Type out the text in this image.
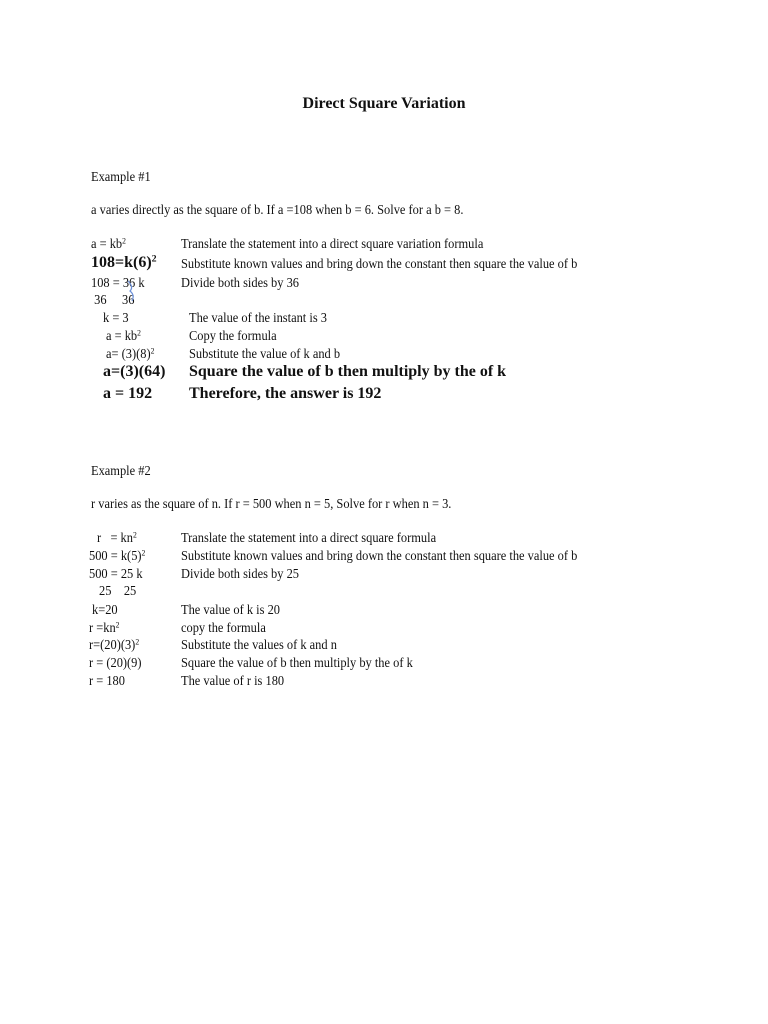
Direct Square Variation
Example #1
a varies directly as the square of b. If a =108 when b = 6. Solve for a b = 8.
$a = kb^2$	Translate the statement into a direct square variation formula
$108=k(6)^2$ Substitute known values and bring down the constant then square the value of b
108 = 36 k	Divide both sides by 36
36     36
k = 3	The value of the instant is 3
$a = kb^2$	Copy the formula
$a= (3)(8)^2$	Substitute the value of k and b
a=(3)(64) Square the value of b then multiply by the of k
a = 192 Therefore, the answer is 192
Example #2
r varies as the square of n. If r = 500 when n = 5, Solve for r when n = 3.
$r = kn^2$	Translate the statement into a direct square formula
$500 = k(5)^2$	Substitute known values and bring down the constant then square the value of b
500 = 25 k	Divide both sides by 25
25    25
k=20	The value of k is 20
$r =kn^2$	copy the formula
$r=(20)(3)^2$	Substitute the values of k and n
r = (20)(9)	Square the value of b then multiply by the of k
r = 180	The value of r is 180
